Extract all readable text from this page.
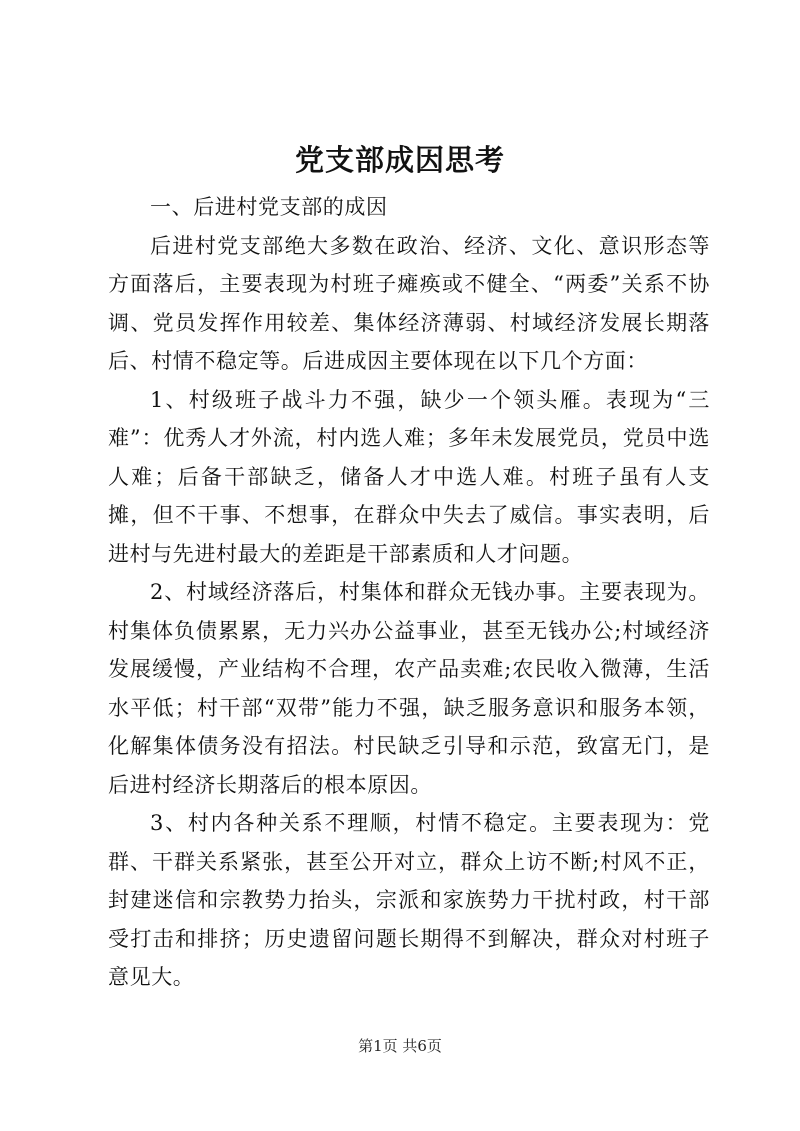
党支部成因思考

一、后进村党支部的成因

后进村党支部绝大多数在政治、经济、文化、意识形态等方面落后，主要表现为村班子瘫痪或不健全、“两委”关系不协调、党员发挥作用较差、集体经济薄弱、村域经济发展长期落后、村情不稳定等。后进成因主要体现在以下几个方面：

1、村级班子战斗力不强，缺少一个领头雁。表现为“三难”：优秀人才外流，村内选人难；多年未发展党员，党员中选人难；后备干部缺乏，储备人才中选人难。村班子虽有人支摊，但不干事、不想事，在群众中失去了威信。事实表明，后进村与先进村最大的差距是干部素质和人才问题。

2、村域经济落后，村集体和群众无钱办事。主要表现为。村集体负债累累，无力兴办公益事业，甚至无钱办公;村域经济发展缓慢，产业结构不合理，农产品卖难;农民收入微薄，生活水平低；村干部“双带”能力不强，缺乏服务意识和服务本领，化解集体债务没有招法。村民缺乏引导和示范，致富无门，是后进村经济长期落后的根本原因。

3、村内各种关系不理顺，村情不稳定。主要表现为：党群、干群关系紧张，甚至公开对立，群众上访不断;村风不正，封建迷信和宗教势力抬头，宗派和家族势力干扰村政，村干部受打击和排挤；历史遗留问题长期得不到解决，群众对村班子意见大。

第1页 共6页
